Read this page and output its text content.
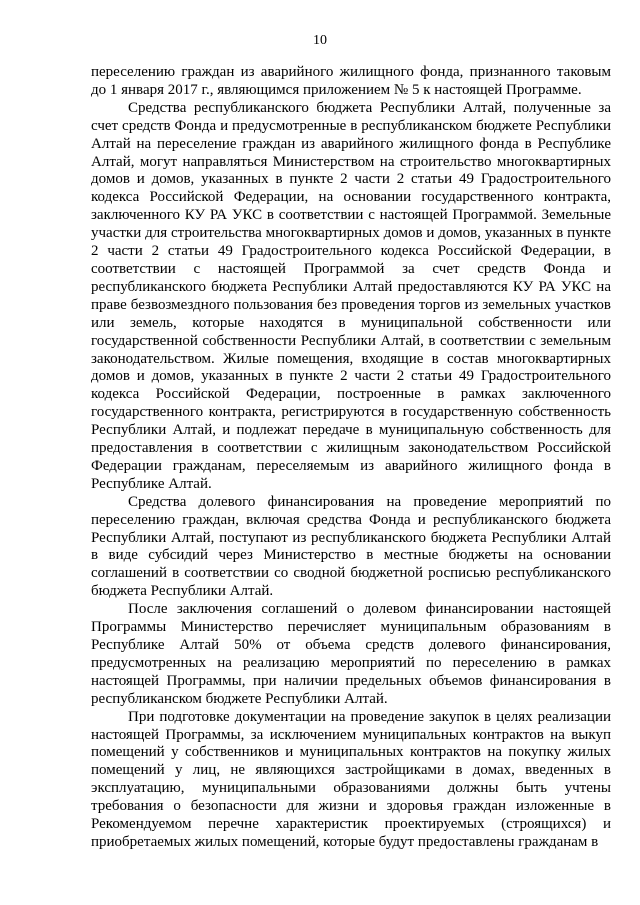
10

переселению граждан из аварийного жилищного фонда, признанного таковым до 1 января 2017 г., являющимся приложением № 5 к настоящей Программе.

Средства республиканского бюджета Республики Алтай, полученные за счет средств Фонда и предусмотренные в республиканском бюджете Республики Алтай на переселение граждан из аварийного жилищного фонда в Республике Алтай, могут направляться Министерством на строительство многоквартирных домов и домов, указанных в пункте 2 части 2 статьи 49 Градостроительного кодекса Российской Федерации, на основании государственного контракта, заключенного КУ РА УКС в соответствии с настоящей Программой. Земельные участки для строительства многоквартирных домов и домов, указанных в пункте 2 части 2 статьи 49 Градостроительного кодекса Российской Федерации, в соответствии с настоящей Программой за счет средств Фонда и республиканского бюджета Республики Алтай предоставляются КУ РА УКС на праве безвозмездного пользования без проведения торгов из земельных участков или земель, которые находятся в муниципальной собственности или государственной собственности Республики Алтай, в соответствии с земельным законодательством. Жилые помещения, входящие в состав многоквартирных домов и домов, указанных в пункте 2 части 2 статьи 49 Градостроительного кодекса Российской Федерации, построенные в рамках заключенного государственного контракта, регистрируются в государственную собственность Республики Алтай, и подлежат передаче в муниципальную собственность для предоставления в соответствии с жилищным законодательством Российской Федерации гражданам, переселяемым из аварийного жилищного фонда в Республике Алтай.

Средства долевого финансирования на проведение мероприятий по переселению граждан, включая средства Фонда и республиканского бюджета Республики Алтай, поступают из республиканского бюджета Республики Алтай в виде субсидий через Министерство в местные бюджеты на основании соглашений в соответствии со сводной бюджетной росписью республиканского бюджета Республики Алтай.

После заключения соглашений о долевом финансировании настоящей Программы Министерство перечисляет муниципальным образованиям в Республике Алтай 50% от объема средств долевого финансирования, предусмотренных на реализацию мероприятий по переселению в рамках настоящей Программы, при наличии предельных объемов финансирования в республиканском бюджете Республики Алтай.

При подготовке документации на проведение закупок в целях реализации настоящей Программы, за исключением муниципальных контрактов на выкуп помещений у собственников и муниципальных контрактов на покупку жилых помещений у лиц, не являющихся застройщиками в домах, введенных в эксплуатацию, муниципальными образованиями должны быть учтены требования о безопасности для жизни и здоровья граждан изложенные в Рекомендуемом перечне характеристик проектируемых (строящихся) и приобретаемых жилых помещений, которые будут предоставлены гражданам в
